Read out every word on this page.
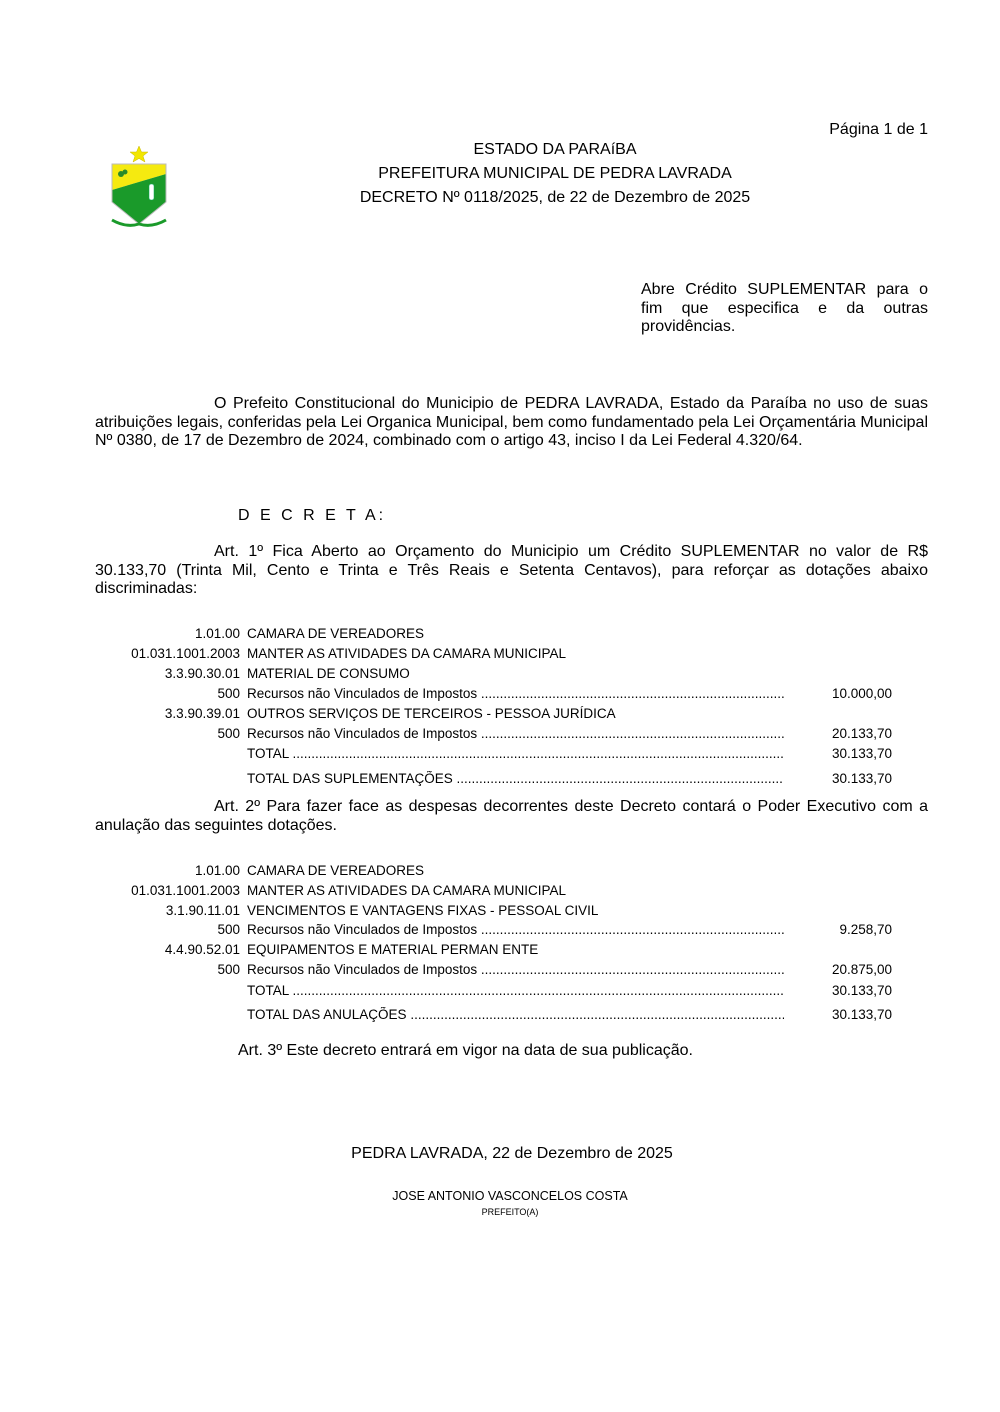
Página 1 de 1
ESTADO DA PARAíBA
PREFEITURA MUNICIPAL DE PEDRA LAVRADA
DECRETO Nº 0118/2025, de 22 de Dezembro de 2025
Abre Crédito SUPLEMENTAR para o fim que especifica e da outras providências.
O Prefeito Constitucional do Municipio de PEDRA LAVRADA, Estado da Paraíba no uso de suas atribuições legais, conferidas pela Lei Organica Municipal, bem como fundamentado pela Lei Orçamentária Municipal Nº 0380, de 17 de Dezembro de 2024, combinado com o artigo 43, inciso I da Lei Federal 4.320/64.
D E C R E T A:
Art. 1º Fica Aberto ao Orçamento do Municipio um Crédito SUPLEMENTAR no valor de R$ 30.133,70 (Trinta Mil, Cento e Trinta e Três Reais e Setenta Centavos), para reforçar as dotações abaixo discriminadas:
1.01.00 CAMARA DE VEREADORES
01.031.1001.2003 MANTER AS ATIVIDADES DA CAMARA MUNICIPAL
3.3.90.30.01 MATERIAL DE CONSUMO
500 Recursos não Vinculados de Impostos .....	10.000,00
3.3.90.39.01 OUTROS SERVIÇOS DE TERCEIROS - PESSOA JURÍDICA
500 Recursos não Vinculados de Impostos .....	20.133,70
TOTAL .....	30.133,70
TOTAL DAS SUPLEMENTAÇÕES .....	30.133,70
Art. 2º Para fazer face as despesas decorrentes deste Decreto contará o Poder Executivo com a anulação das seguintes dotações.
1.01.00 CAMARA DE VEREADORES
01.031.1001.2003 MANTER AS ATIVIDADES DA CAMARA MUNICIPAL
3.1.90.11.01 VENCIMENTOS E VANTAGENS FIXAS - PESSOAL CIVIL
500 Recursos não Vinculados de Impostos .....	9.258,70
4.4.90.52.01 EQUIPAMENTOS E MATERIAL PERMAN ENTE
500 Recursos não Vinculados de Impostos .....	20.875,00
TOTAL .....	30.133,70
TOTAL DAS ANULAÇÕES .....	30.133,70
Art. 3º Este decreto entrará em vigor na data de sua publicação.
PEDRA LAVRADA, 22 de Dezembro de 2025
JOSE ANTONIO VASCONCELOS COSTA
PREFEITO(A)
